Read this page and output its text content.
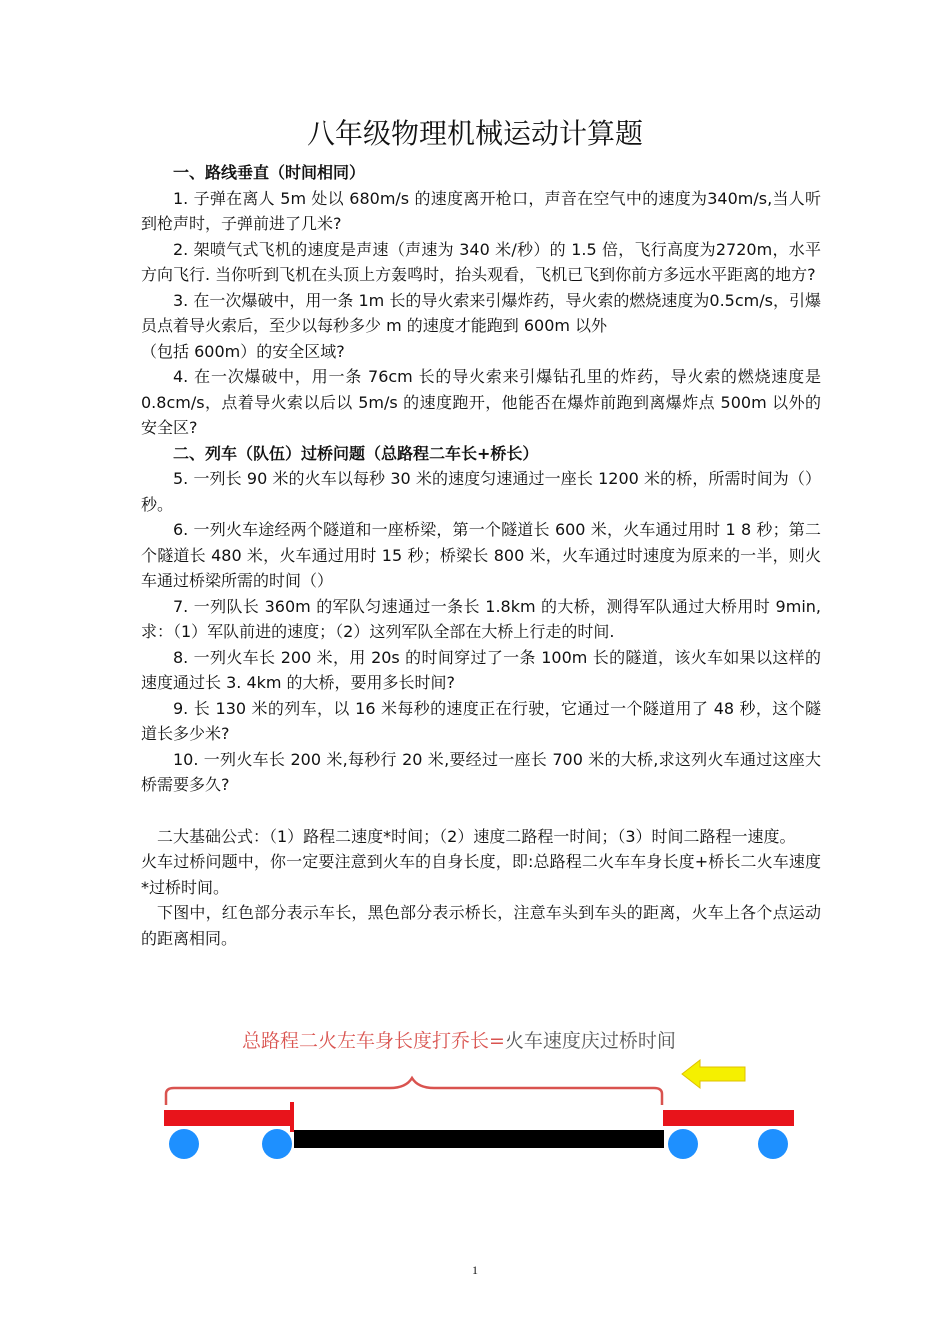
八年级物理机械运动计算题

一、路线垂直（时间相同）

1. 子弹在离人 5m 处以 680m/s 的速度离开枪口，声音在空气中的速度为340m/s,当人听到枪声时，子弹前进了几米?

2. 架喷气式飞机的速度是声速（声速为 340 米/秒）的 1.5 倍，飞行高度为2720m，水平方向飞行. 当你听到飞机在头顶上方轰鸣时，抬头观看，飞机已飞到你前方多远水平距离的地方?

3. 在一次爆破中，用一条 1m 长的导火索来引爆炸药，导火索的燃烧速度为0.5cm/s，引爆员点着导火索后，至少以每秒多少 m 的速度才能跑到 600m 以外

（包括 600m）的安全区域?

4. 在一次爆破中，用一条 76cm 长的导火索来引爆钻孔里的炸药，导火索的燃烧速度是 0.8cm/s，点着导火索以后以 5m/s 的速度跑开，他能否在爆炸前跑到离爆炸点 500m 以外的安全区?

二、列车（队伍）过桥问题（总路程二车长+桥长）

5. 一列长 90 米的火车以每秒 30 米的速度匀速通过一座长 1200 米的桥，所需时间为（）秒。

6. 一列火车途经两个隧道和一座桥梁，第一个隧道长 600 米，火车通过用时 1 8 秒；第二个隧道长 480 米，火车通过用时 15 秒；桥梁长 800 米，火车通过时速度为原来的一半，则火车通过桥梁所需的时间（）

7. 一列队长 360m 的军队匀速通过一条长 1.8km 的大桥，测得军队通过大桥用时 9min, 求：（1）军队前进的速度；（2）这列军队全部在大桥上行走的时间.

8. 一列火车长 200 米，用 20s 的时间穿过了一条 100m 长的隧道，该火车如果以这样的速度通过长 3. 4km 的大桥，要用多长时间?

9. 长 130 米的列车，以 16 米每秒的速度正在行驶，它通过一个隧道用了 48 秒，这个隧道长多少米?

10. 一列火车长 200 米,每秒行 20 米,要经过一座长 700 米的大桥,求这列火车通过这座大桥需要多久?

二大基础公式：（1）路程二速度*时间；（2）速度二路程一时间；（3）时间二路程一速度。

火车过桥问题中，你一定要注意到火车的自身长度，即:总路程二火车车身长度+桥长二火车速度*过桥时间。

下图中，红色部分表示车长，黑色部分表示桥长，注意车头到车头的距离，火车上各个点运动的距离相同。

总路程二火左车身长度打乔长=火车速度庆过桥时间
1
